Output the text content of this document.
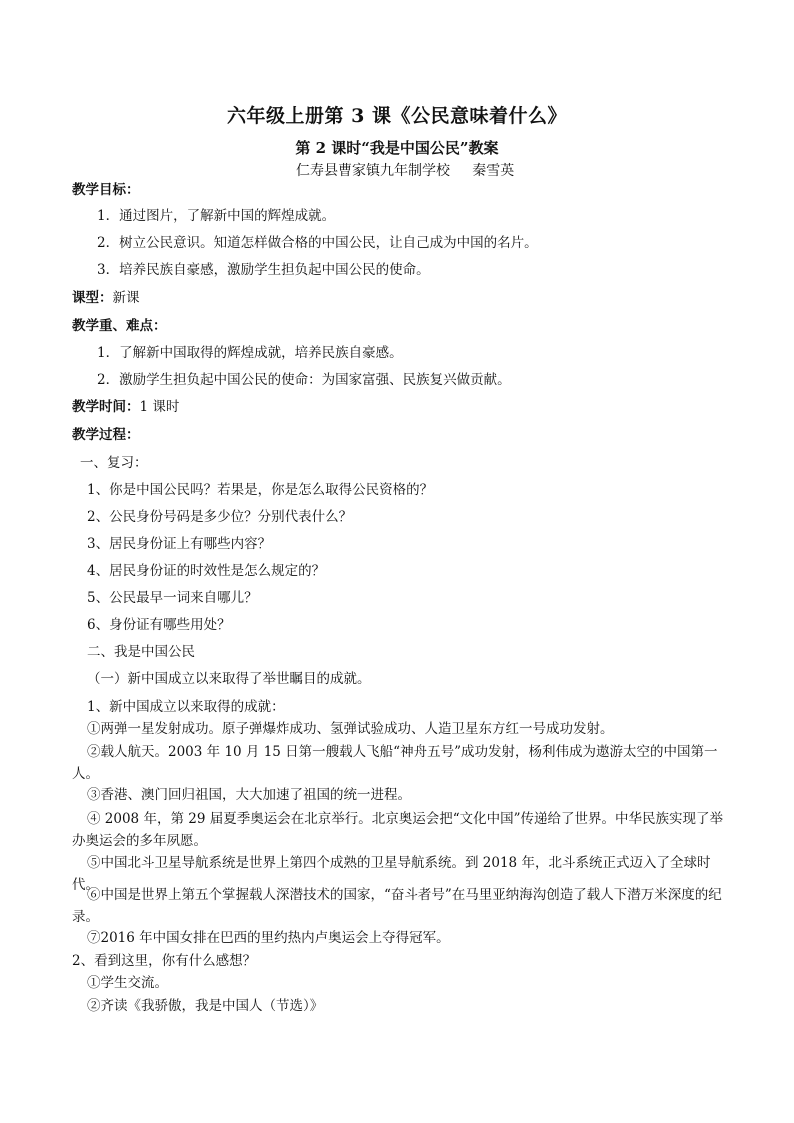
六年级上册第 3 课《公民意味着什么》
第 2 课时“我是中国公民”教案
仁寿县曹家镇九年制学校     秦雪英
教学目标：
1．通过图片，了解新中国的辉煌成就。
2．树立公民意识。知道怎样做合格的中国公民，让自己成为中国的名片。
3．培养民族自豪感，激励学生担负起中国公民的使命。
课型：新课
教学重、难点：
1．了解新中国取得的辉煌成就，培养民族自豪感。
2．激励学生担负起中国公民的使命：为国家富强、民族复兴做贡献。
教学时间：1 课时
教学过程：
一、复习：
1、你是中国公民吗？若果是，你是怎么取得公民资格的？
2、公民身份号码是多少位？分别代表什么？
3、居民身份证上有哪些内容？
4、居民身份证的时效性是怎么规定的？
5、公民最早一词来自哪儿？
6、身份证有哪些用处？
二、我是中国公民
（一）新中国成立以来取得了举世瞩目的成就。
1、新中国成立以来取得的成就：
①两弹一星发射成功。原子弹爆炸成功、氢弹试验成功、人造卫星东方红一号成功发射。
②载人航天。2003 年 10 月 15 日第一艘载人飞船“神舟五号”成功发射，杨利伟成为遨游太空的中国第一人。
③香港、澳门回归祖国，大大加速了祖国的统一进程。
④ 2008 年，第 29 届夏季奥运会在北京举行。北京奥运会把“文化中国”传递给了世界。中华民族实现了举办奥运会的多年夙愿。
⑤中国北斗卫星导航系统是世界上第四个成熟的卫星导航系统。到 2018 年，北斗系统正式迈入了全球时代。
⑥中国是世界上第五个掌握载人深潜技术的国家，“奋斗者号”在马里亚纳海沟创造了载人下潜万米深度的纪录。
⑦2016 年中国女排在巴西的里约热内卢奥运会上夺得冠军。
2、看到这里，你有什么感想？
①学生交流。
②齐读《我骄傲，我是中国人（节选）》
